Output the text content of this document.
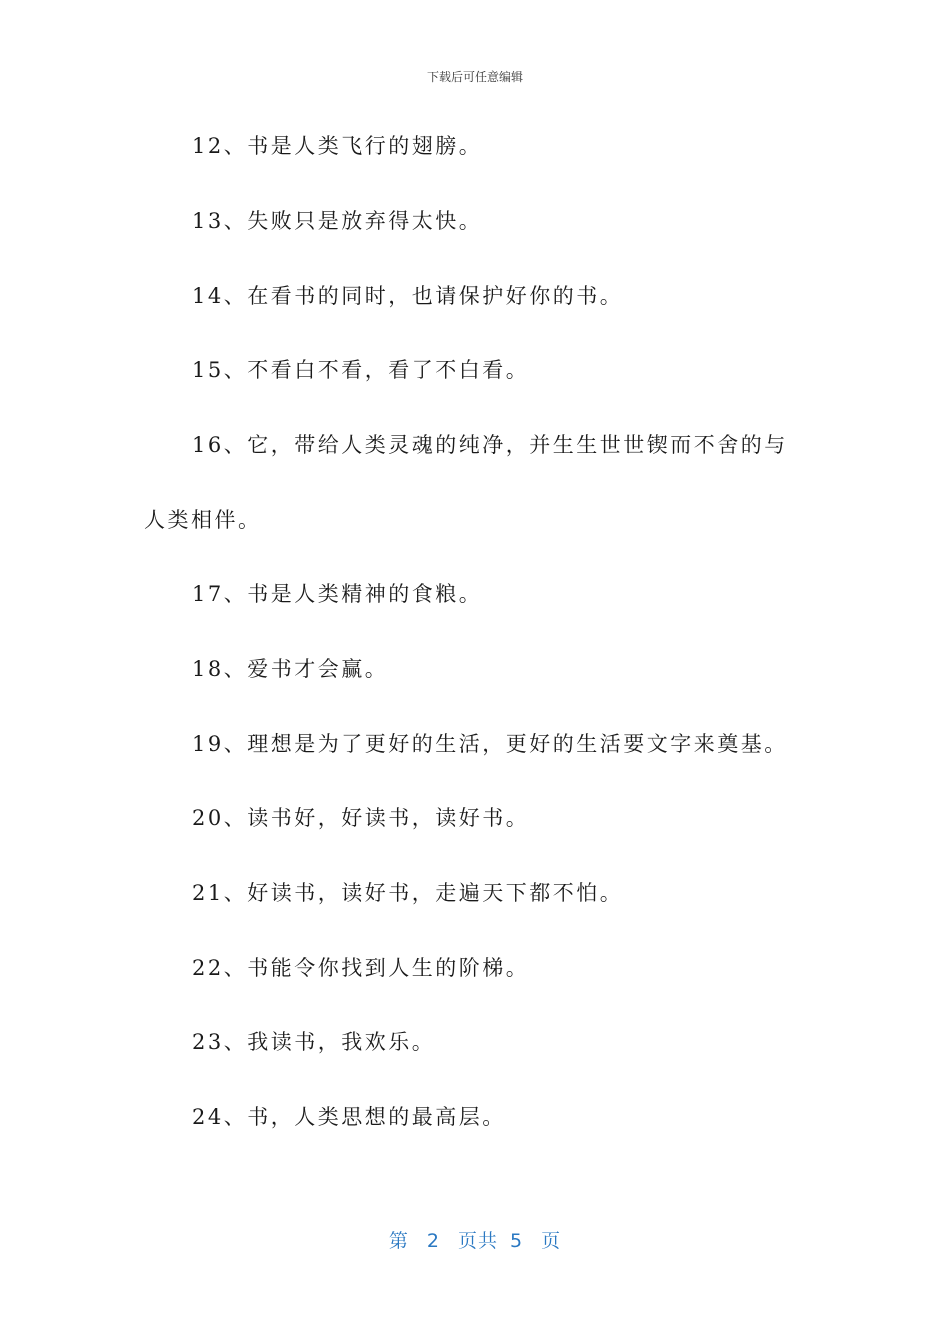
下载后可任意编辑
12、书是人类飞行的翅膀。
13、失败只是放弃得太快。
14、在看书的同时，也请保护好你的书。
15、不看白不看，看了不白看。
16、它，带给人类灵魂的纯净，并生生世世锲而不舍的与
人类相伴。
17、书是人类精神的食粮。
18、爱书才会赢。
19、理想是为了更好的生活，更好的生活要文字来奠基。
20、读书好，好读书，读好书。
21、好读书，读好书，走遍天下都不怕。
22、书能令你找到人生的阶梯。
23、我读书，我欢乐。
24、书，人类思想的最高层。
第 2 页共 5 页
